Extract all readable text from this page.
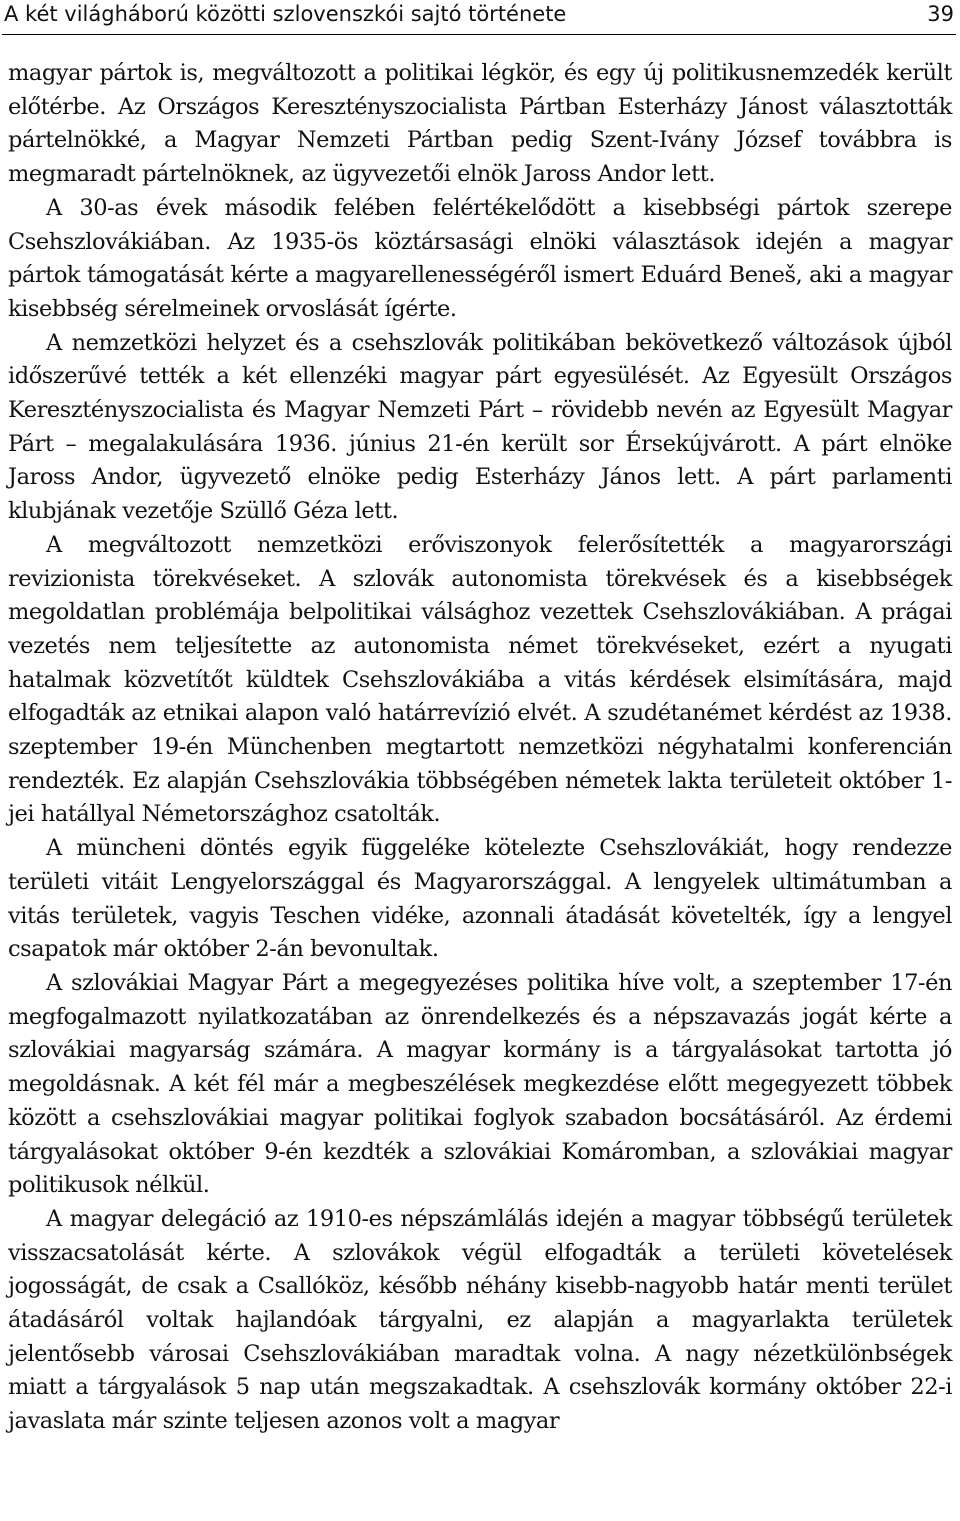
A két világháború közötti szlovenszkói sajtó története	39

magyar pártok is, megváltozott a politikai légkör, és egy új politikusnemzedék került előtérbe. Az Országos Keresztényszocialista Pártban Esterházy Jánost választották pártelnökké, a Magyar Nemzeti Pártban pedig Szent-Ivány József továbbra is megmaradt pártelnöknek, az ügyvezetői elnök Jaross Andor lett.

A 30-as évek második felében felértékelődött a kisebbségi pártok szerepe Csehszlovákiában. Az 1935-ös köztársasági elnöki választások idején a magyar pártok támogatását kérte a magyarellenességéről ismert Eduárd Beneš, aki a magyar kisebbség sérelmeinek orvoslását ígérte.

A nemzetközi helyzet és a csehszlovák politikában bekövetkező változások újból időszerűvé tették a két ellenzéki magyar párt egyesülését. Az Egyesült Országos Keresztényszocialista és Magyar Nemzeti Párt – rövidebb nevén az Egyesült Magyar Párt – megalakulására 1936. június 21-én került sor Érsekújvárott. A párt elnöke Jaross Andor, ügyvezető elnöke pedig Esterházy János lett. A párt parlamenti klubjának vezetője Szüllő Géza lett.

A megváltozott nemzetközi erőviszonyok felerősítették a magyarországi revizionista törekvéseket. A szlovák autonomista törekvések és a kisebbségek megoldatlan problémája belpolitikai válsághoz vezettek Csehszlovákiában. A prágai vezetés nem teljesítette az autonomista német törekvéseket, ezért a nyugati hatalmak közvetítőt küldtek Csehszlovákiába a vitás kérdések elsimítására, majd elfogadták az etnikai alapon való határrevízió elvét. A szudétanémet kérdést az 1938. szeptember 19-én Münchenben megtartott nemzetközi négyhatalmi konferencián rendezték. Ez alapján Csehszlovákia többségében németek lakta területeit október 1-jei hatállyal Németországhoz csatolták.

A müncheni döntés egyik függeléke kötelezte Csehszlovákiát, hogy rendezze területi vitáit Lengyelországgal és Magyarországgal. A lengyelek ultimátumban a vitás területek, vagyis Teschen vidéke, azonnali átadását követelték, így a lengyel csapatok már október 2-án bevonultak.

A szlovákiai Magyar Párt a megegyezéses politika híve volt, a szeptember 17-én megfogalmazott nyilatkozatában az önrendelkezés és a népszavazás jogát kérte a szlovákiai magyarság számára. A magyar kormány is a tárgyalásokat tartotta jó megoldásnak. A két fél már a megbeszélések megkezdése előtt megegyezett többek között a csehszlovákiai magyar politikai foglyok szabadon bocsátásáról. Az érdemi tárgyalásokat október 9-én kezdték a szlovákiai Komáromban, a szlovákiai magyar politikusok nélkül.

A magyar delegáció az 1910-es népszámlálás idején a magyar többségű területek visszacsatolását kérte. A szlovákok végül elfogadták a területi követelések jogosságát, de csak a Csallóköz, később néhány kisebb-nagyobb határ menti terület átadásáról voltak hajlandóak tárgyalni, ez alapján a magyarlakta területek jelentősebb városai Csehszlovákiában maradtak volna. A nagy nézetkülönbségek miatt a tárgyalások 5 nap után megszakadtak. A csehszlovák kormány október 22-i javaslata már szinte teljesen azonos volt a magyar
